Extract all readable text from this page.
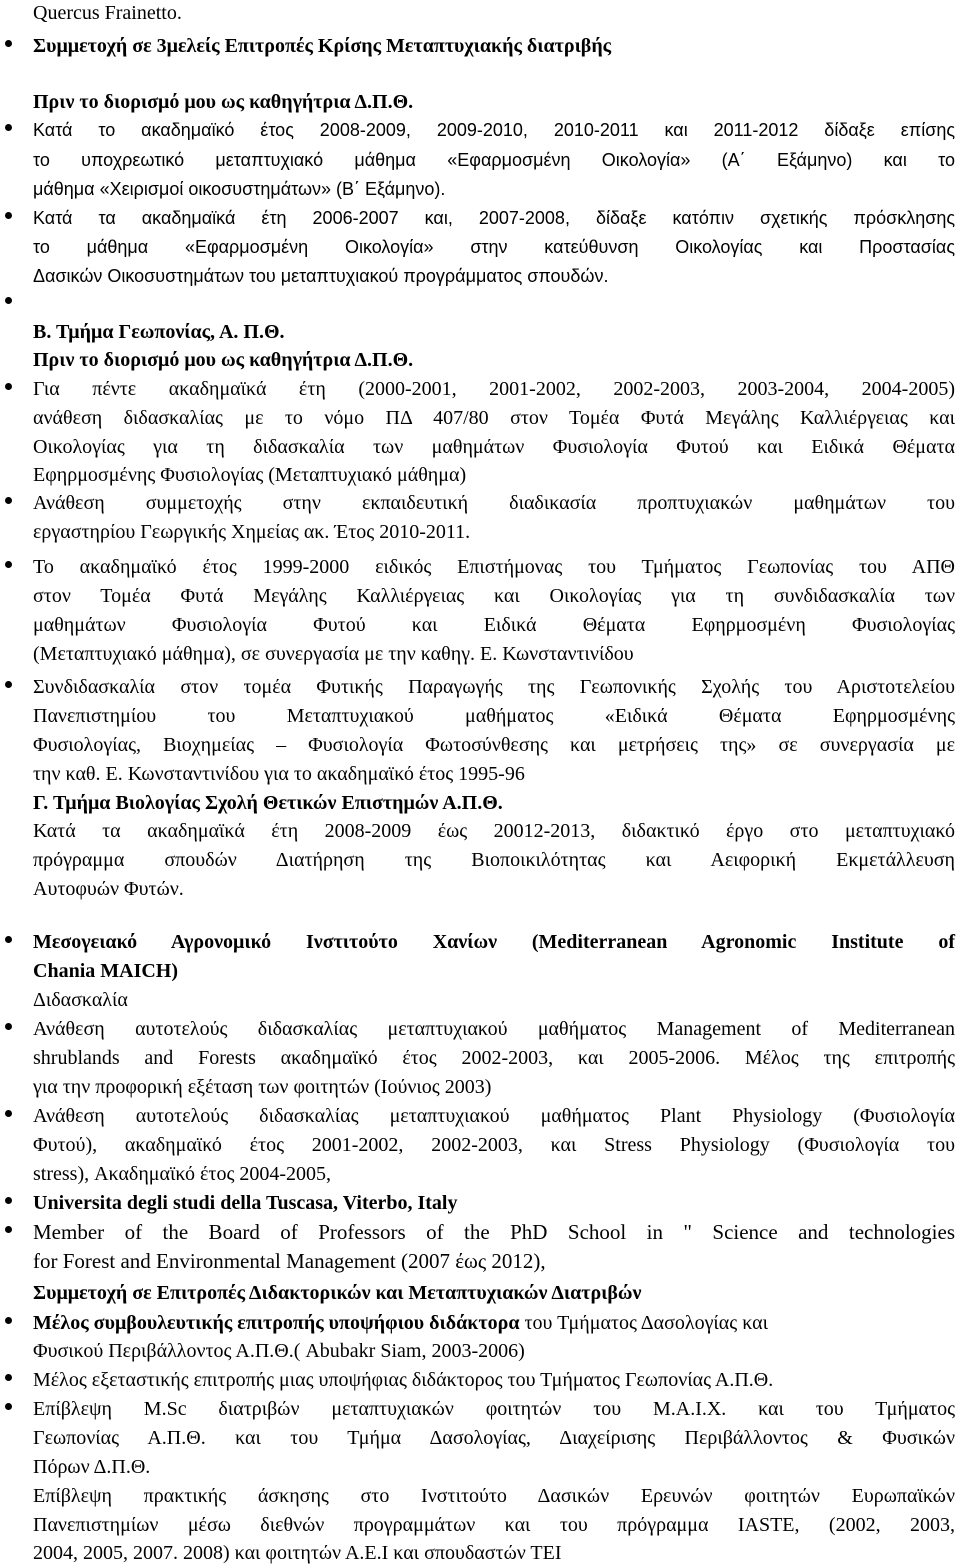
Quercus Frainetto.
Συμμετοχή σε 3μελείς Επιτροπές Κρίσης Μεταπτυχιακής διατριβής
Πριν το διορισμό μου ως καθηγήτρια Δ.Π.Θ.
Κατά το ακαδημαϊκό έτος 2008-2009, 2009-2010, 2010-2011 και 2011-2012 δίδαξε επίσης
το υποχρεωτικό μεταπτυχιακό μάθημα «Εφαρμοσμένη Οικολογία» (Α΄ Εξάμηνο) και το
μάθημα «Χειρισμοί οικοσυστημάτων» (Β΄ Εξάμηνο).
Κατά τα ακαδημαϊκά έτη 2006-2007 και, 2007-2008, δίδαξε κατόπιν σχετικής πρόσκλησης
το μάθημα «Εφαρμοσμένη Οικολογία» στην κατεύθυνση Οικολογίας και Προστασίας
Δασικών Οικοσυστημάτων του μεταπτυχιακού προγράμματος σπουδών.
Β. Τμήμα Γεωπονίας, Α. Π.Θ.
Πριν το διορισμό μου ως καθηγήτρια Δ.Π.Θ.
Για πέντε ακαδημαϊκά έτη (2000-2001, 2001-2002, 2002-2003, 2003-2004, 2004-2005)
ανάθεση διδασκαλίας με το νόμο ΠΔ 407/80 στον Τομέα Φυτά Μεγάλης Καλλιέργειας και
Οικολογίας για τη διδασκαλία των μαθημάτων Φυσιολογία Φυτού και Ειδικά Θέματα
Εφηρμοσμένης Φυσιολογίας (Μεταπτυχιακό μάθημα)
Ανάθεση συμμετοχής στην εκπαιδευτική διαδικασία προπτυχιακών μαθημάτων του
εργαστηρίου Γεωργικής Χημείας ακ. Έτος 2010-2011.
Το ακαδημαϊκό έτος 1999-2000 ειδικός Επιστήμονας του Τμήματος Γεωπονίας του ΑΠΘ
στον Τομέα Φυτά Μεγάλης Καλλιέργειας και Οικολογίας για τη συνδιδασκαλία των
μαθημάτων Φυσιολογία Φυτού και Ειδικά Θέματα Εφηρμοσμένη Φυσιολογίας
(Μεταπτυχιακό μάθημα), σε συνεργασία με την καθηγ. Ε. Κωνσταντινίδου
Συνδιδασκαλία στον τομέα Φυτικής Παραγωγής της Γεωπονικής Σχολής του Αριστοτελείου
Πανεπιστημίου του Μεταπτυχιακού μαθήματος «Ειδικά Θέματα Εφηρμοσμένης
Φυσιολογίας, Βιοχημείας – Φυσιολογία Φωτοσύνθεσης και μετρήσεις της» σε συνεργασία με
την καθ. Ε. Κωνσταντινίδου για το ακαδημαϊκό έτος 1995-96
Γ. Τμήμα Βιολογίας Σχολή Θετικών Επιστημών Α.Π.Θ.
Κατά τα ακαδημαϊκά έτη 2008-2009 έως 20012-2013, διδακτικό έργο στο μεταπτυχιακό
πρόγραμμα σπουδών Διατήρηση της Βιοποικιλότητας και Αειφορική Εκμετάλλευση
Αυτοφυών Φυτών.
Μεσογειακό Αγρονομικό Ινστιτούτο Χανίων (Mediterranean Agronomic Institute of
Chania MAICH)
Διδασκαλία
Ανάθεση αυτοτελούς διδασκαλίας μεταπτυχιακού μαθήματος Management of Mediterranean
shrublands and Forests ακαδημαϊκό έτος 2002-2003, και 2005-2006. Μέλος της επιτροπής
για την προφορική εξέταση των φοιτητών (Ιούνιος 2003)
Ανάθεση αυτοτελούς διδασκαλίας μεταπτυχιακού μαθήματος Plant Physiology (Φυσιολογία
Φυτού), ακαδημαϊκό έτος 2001-2002, 2002-2003, και Stress Physiology (Φυσιολογία του
stress), Ακαδημαϊκό έτος 2004-2005,
Universita degli studi della Tuscasa, Viterbo, Italy
Member of the Board of Professors of the PhD School in " Science and technologies
for Forest and Environmental Management (2007 έως 2012),
Συμμετοχή σε Επιτροπές Διδακτορικών και Μεταπτυχιακών Διατριβών
Μέλος συμβουλευτικής επιτροπής υποψήφιου διδάκτορα του Τμήματος Δασολογίας και
Φυσικού Περιβάλλοντος Α.Π.Θ.( Abubakr Siam, 2003-2006)
Μέλος εξεταστικής επιτροπής μιας υποψήφιας διδάκτορος του Τμήματος Γεωπονίας Α.Π.Θ.
Επίβλεψη M.Sc διατριβών μεταπτυχιακών φοιτητών του M.A.I.X. και του Τμήματος
Γεωπονίας Α.Π.Θ. και του Τμήμα Δασολογίας, Διαχείρισης Περιβάλλοντος & Φυσικών
Πόρων Δ.Π.Θ.
Επίβλεψη πρακτικής άσκησης στο Ινστιτούτο Δασικών Ερευνών φοιτητών Ευρωπαϊκών
Πανεπιστημίων μέσω διεθνών προγραμμάτων και του πρόγραμμα IASTE, (2002, 2003,
2004, 2005, 2007. 2008) και φοιτητών Α.Ε.Ι και σπουδαστών ΤΕΙ
